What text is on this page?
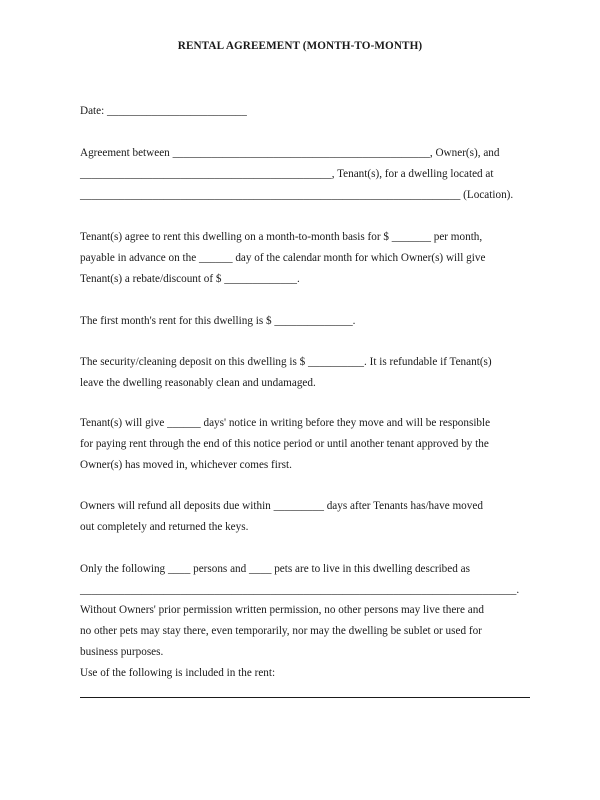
RENTAL AGREEMENT (MONTH-TO-MONTH)
Date: _________________________
Agreement between ______________________________________________, Owner(s), and
_____________________________________________, Tenant(s), for a dwelling located at
____________________________________________________________________ (Location).
Tenant(s) agree to rent this dwelling on a month-to-month basis for $ _______ per month,
payable in advance on the ______ day of the calendar month for which Owner(s) will give
Tenant(s) a rebate/discount of $ _____________.
The first month's rent for this dwelling is $ ______________.
The security/cleaning deposit on this dwelling is $ __________. It is refundable if Tenant(s)
leave the dwelling reasonably clean and undamaged.
Tenant(s) will give ______ days' notice in writing before they move and will be responsible
for paying rent through the end of this notice period or until another tenant approved by the
Owner(s) has moved in, whichever comes first.
Owners will refund all deposits due within _________ days after Tenants has/have moved
out completely and returned the keys.
Only the following ____ persons and ____ pets are to live in this dwelling described as
______________________________________________________________________________.
Without Owners' prior permission written permission, no other persons may live there and
no other pets may stay there, even temporarily, nor may the dwelling be sublet or used for
business purposes.
Use of the following is included in the rent:
